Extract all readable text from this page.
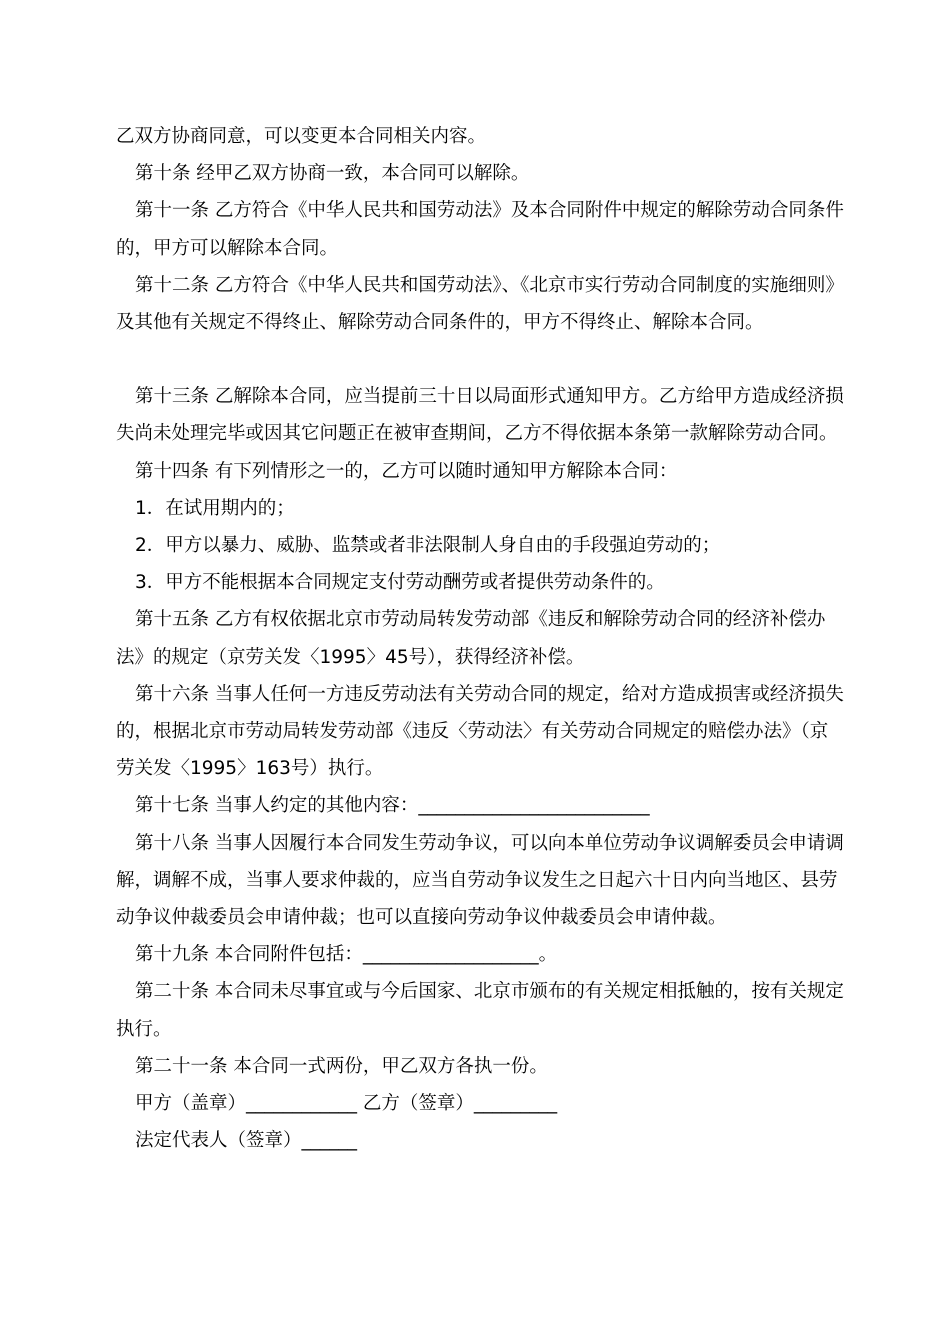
乙双方协商同意，可以变更本合同相关内容。

第十条 经甲乙双方协商一致，本合同可以解除。

第十一条 乙方符合《中华人民共和国劳动法》及本合同附件中规定的解除劳动合同条件的，甲方可以解除本合同。

第十二条 乙方符合《中华人民共和国劳动法》、《北京市实行劳动合同制度的实施细则》及其他有关规定不得终止、解除劳动合同条件的，甲方不得终止、解除本合同。

第十三条 乙解除本合同，应当提前三十日以局面形式通知甲方。乙方给甲方造成经济损失尚未处理完毕或因其它问题正在被审查期间，乙方不得依据本条第一款解除劳动合同。

第十四条 有下列情形之一的，乙方可以随时通知甲方解除本合同：

1．在试用期内的；

2．甲方以暴力、威胁、监禁或者非法限制人身自由的手段强迫劳动的；

3．甲方不能根据本合同规定支付劳动酬劳或者提供劳动条件的。

第十五条 乙方有权依据北京市劳动局转发劳动部《违反和解除劳动合同的经济补偿办法》的规定（京劳关发〈1995〉45号），获得经济补偿。

第十六条 当事人任何一方违反劳动法有关劳动合同的规定，给对方造成损害或经济损失的，根据北京市劳动局转发劳动部《违反〈劳动法〉有关劳动合同规定的赔偿办法》（京劳关发〈1995〉163号）执行。

第十七条 当事人约定的其他内容：_________________________

第十八条 当事人因履行本合同发生劳动争议，可以向本单位劳动争议调解委员会申请调解，调解不成，当事人要求仲裁的，应当自劳动争议发生之日起六十日内向当地区、县劳动争议仲裁委员会申请仲裁；也可以直接向劳动争议仲裁委员会申请仲裁。

第十九条 本合同附件包括：___________________。

第二十条 本合同未尽事宜或与今后国家、北京市颁布的有关规定相抵触的，按有关规定执行。

第二十一条 本合同一式两份，甲乙双方各执一份。

甲方（盖章）____________ 乙方（签章）_________

法定代表人（签章）______
